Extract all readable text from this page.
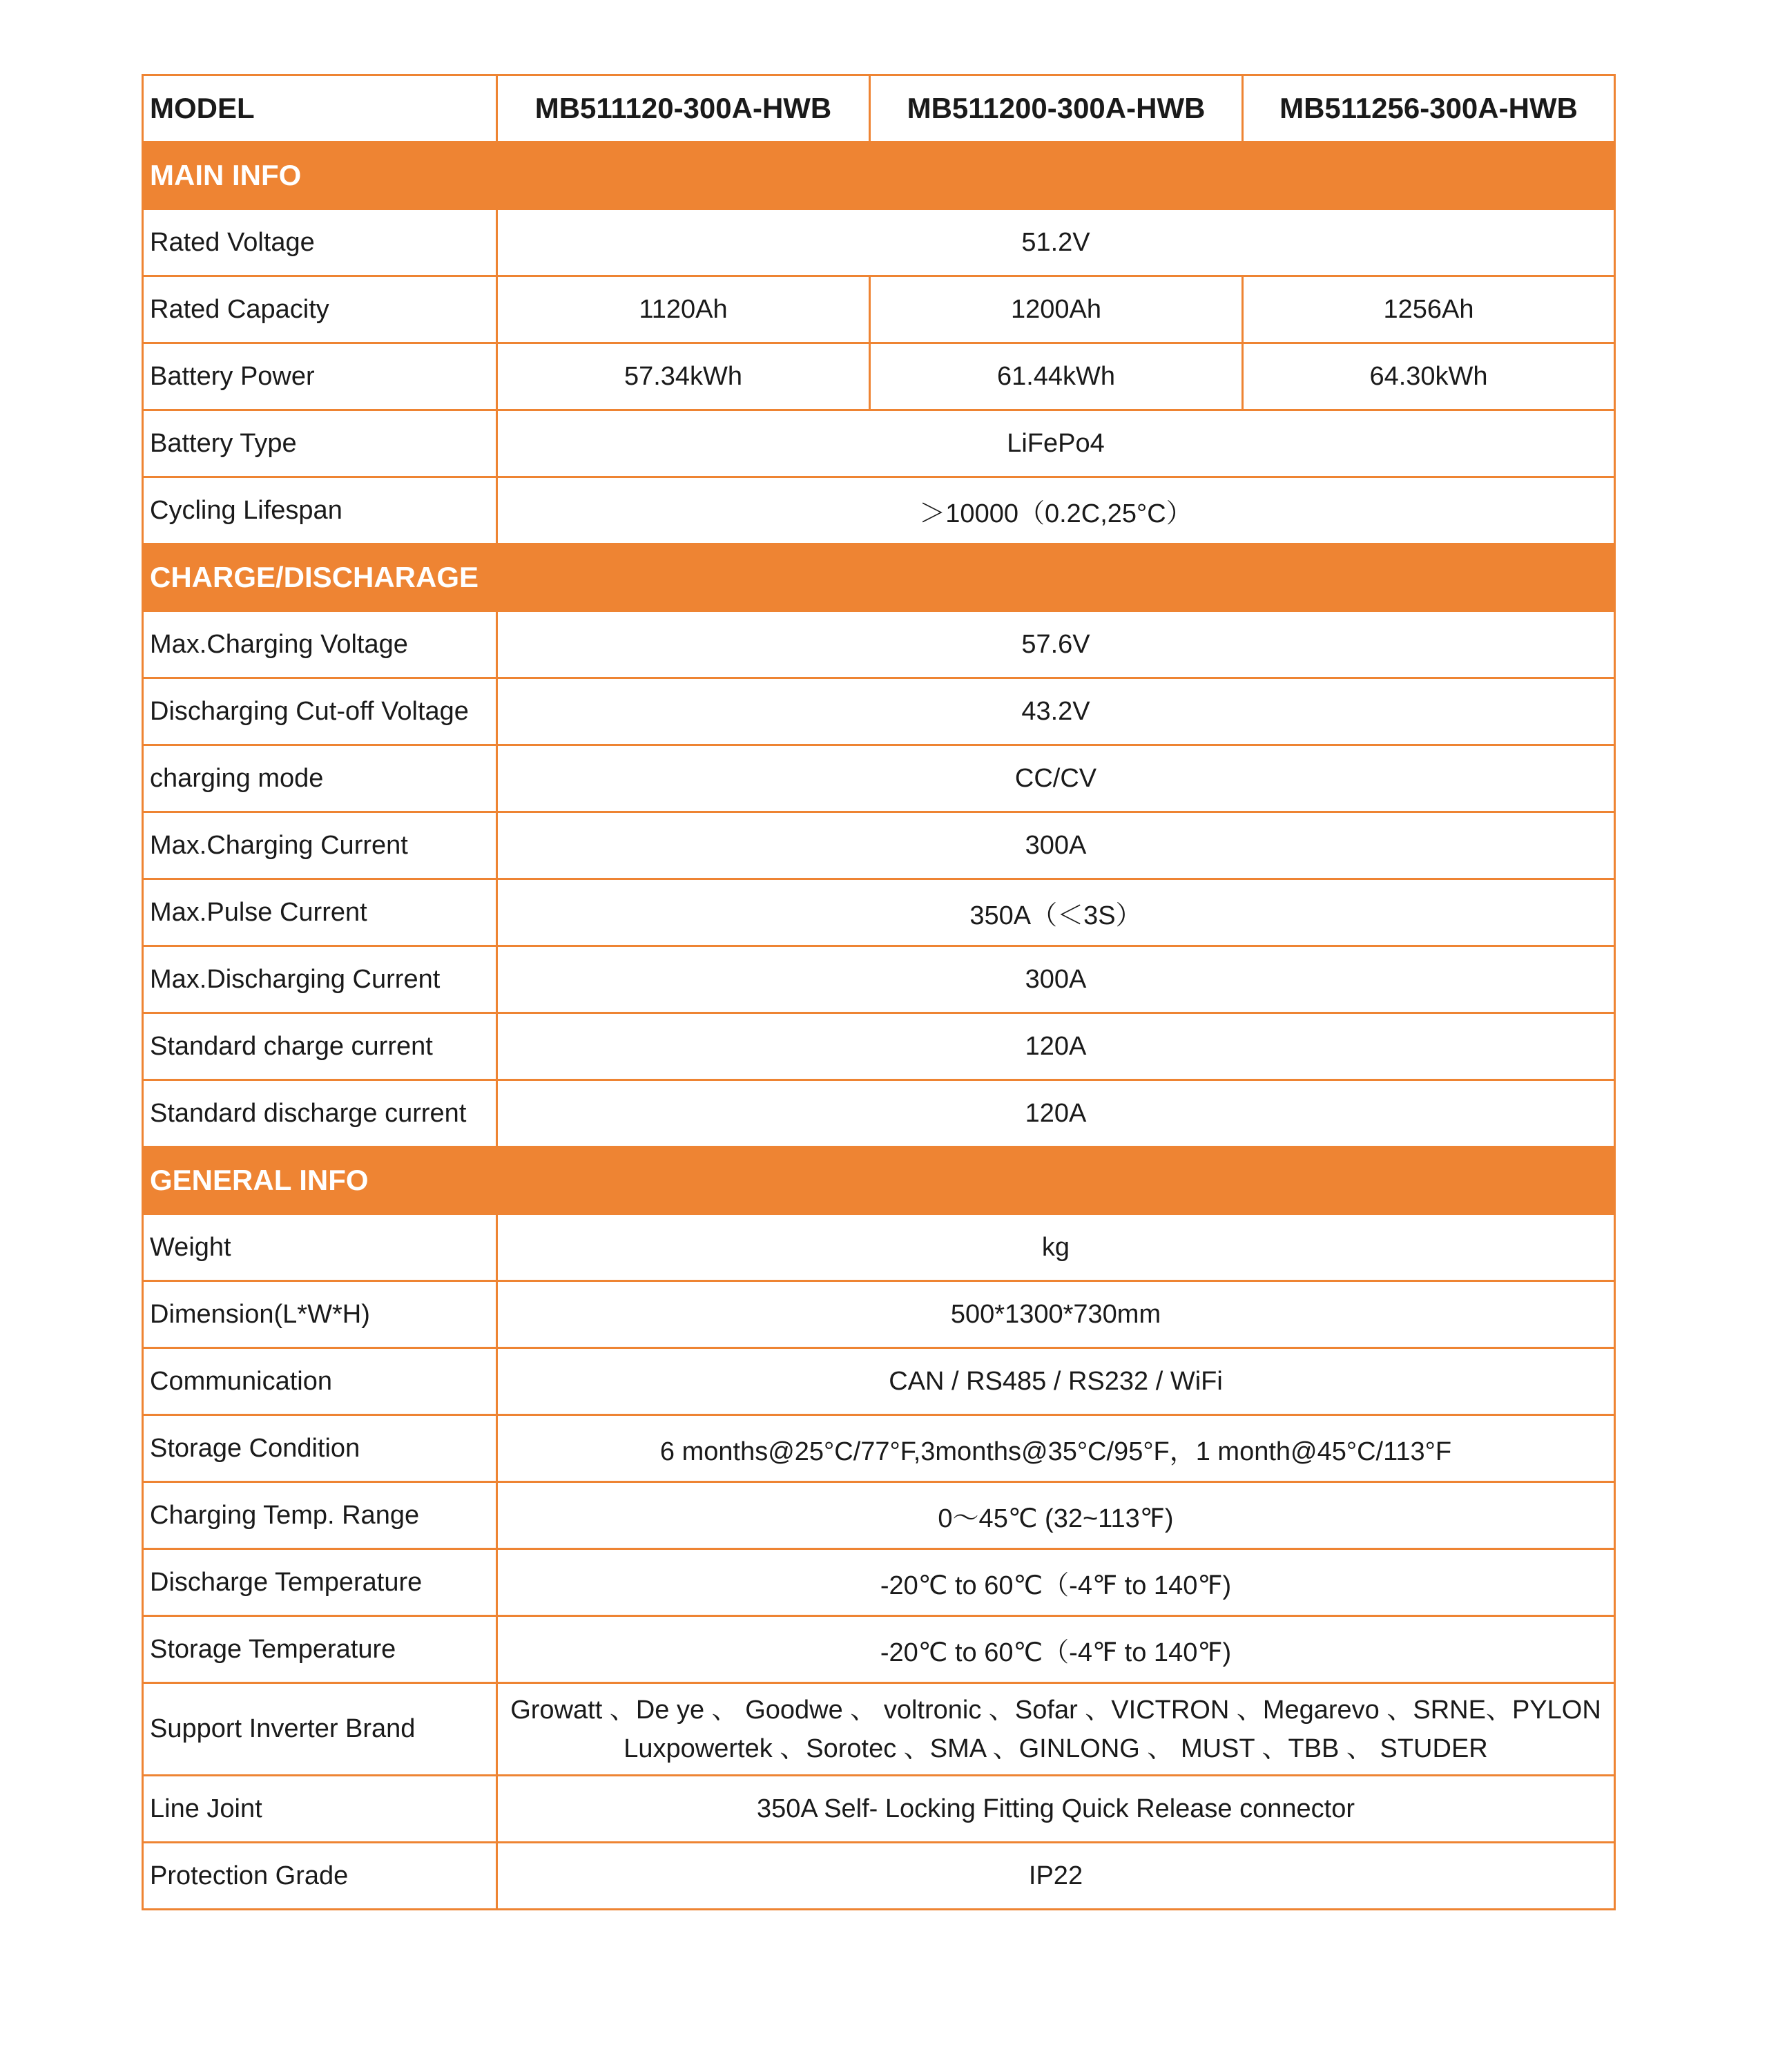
MODEL	MB511120-300A-HWB	MB511200-300A-HWB	MB511256-300A-HWB
MAIN INFO			
Rated Voltage	51.2V		
Rated Capacity	1120Ah	1200Ah	1256Ah
Battery Power	57.34kWh	61.44kWh	64.30kWh
Battery Type	LiFePo4		
Cycling Lifespan	＞10000（0.2C,25°C）		
CHARGE/DISCHARAGE			
Max.Charging Voltage	57.6V		
Discharging Cut-off Voltage	43.2V		
charging mode	CC/CV		
Max.Charging Current	300A		
Max.Pulse Current	350A（＜3S）		
Max.Discharging Current	300A		
Standard charge current	120A		
Standard discharge current	120A		
GENERAL INFO			
Weight	kg		
Dimension(L*W*H)	500*1300*730mm		
Communication	CAN / RS485 / RS232 / WiFi		
Storage Condition	6 months@25°C/77°F,3months@35°C/95°F，1 month@45°C/113°F		
Charging Temp. Range	0～45℃ (32~113℉)		
Discharge Temperature	-20℃ to 60℃（-4℉ to 140℉)		
Storage Temperature	-20℃ to 60℃（-4℉ to 140℉)		
Support Inverter Brand	Growatt 、De ye 、 Goodwe 、 voltronic 、Sofar 、VICTRON 、Megarevo 、SRNE、PYLON
Luxpowertek 、Sorotec 、SMA 、GINLONG 、 MUST 、TBB 、 STUDER		

Line Joint	350A Self- Locking Fitting Quick Release connector		
Protection Grade	IP22		
